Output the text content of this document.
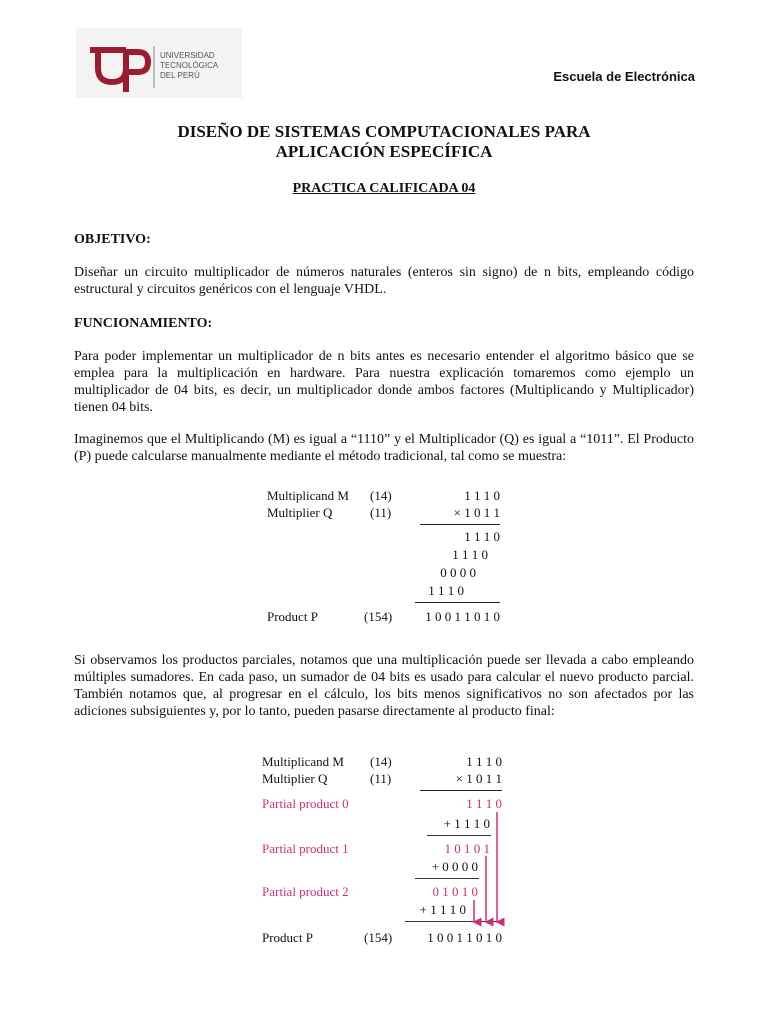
UNIVERSIDAD
TECNOLÓGICA
DEL PERÚ	Escuela de Electrónica
DISEÑO DE SISTEMAS COMPUTACIONALES PARA
APLICACIÓN ESPECÍFICA
PRACTICA CALIFICADA 04
OBJETIVO:
Diseñar un circuito multiplicador de números naturales (enteros sin signo) de n bits, empleando código estructural y circuitos genéricos con el lenguaje VHDL.
FUNCIONAMIENTO:
Para poder implementar un multiplicador de n bits antes es necesario entender el algoritmo básico que se emplea para la multiplicación en hardware. Para nuestra explicación tomaremos como ejemplo un multiplicador de 04 bits, es decir, un multiplicador donde ambos factores (Multiplicando y Multiplicador) tienen 04 bits.
Imaginemos que el Multiplicando (M) es igual a “1110” y el Multiplicador (Q) es igual a “1011”. El Producto (P) puede calcularse manualmente mediante el método tradicional, tal como se muestra:
Multiplicand M (14)	1 1 1 0
Multiplier Q	(11)	× 1 0 1 1
1 1 1 0
1 1 1 0
0 0 0 0
1 1 1 0
Product P	(154)	1 0 0 1 1 0 1 0
Si observamos los productos parciales, notamos que una multiplicación puede ser llevada a cabo empleando múltiples sumadores. En cada paso, un sumador de 04 bits es usado para calcular el nuevo producto parcial. También notamos que, al progresar en el cálculo, los bits menos significativos no son afectados por las adiciones subsiguientes y, por lo tanto, pueden pasarse directamente al producto final:
Multiplicand M (14)	1 1 1 0
Multiplier Q	(11)	× 1 0 1 1
Partial product 0	1 1 1 0
+ 1 1 1 0
Partial product 1	1 0 1 0 1
+ 0 0 0 0
Partial product 2	0 1 0 1 0
+ 1 1 1 0
Product P	(154)	1 0 0 1 1 0 1 0
